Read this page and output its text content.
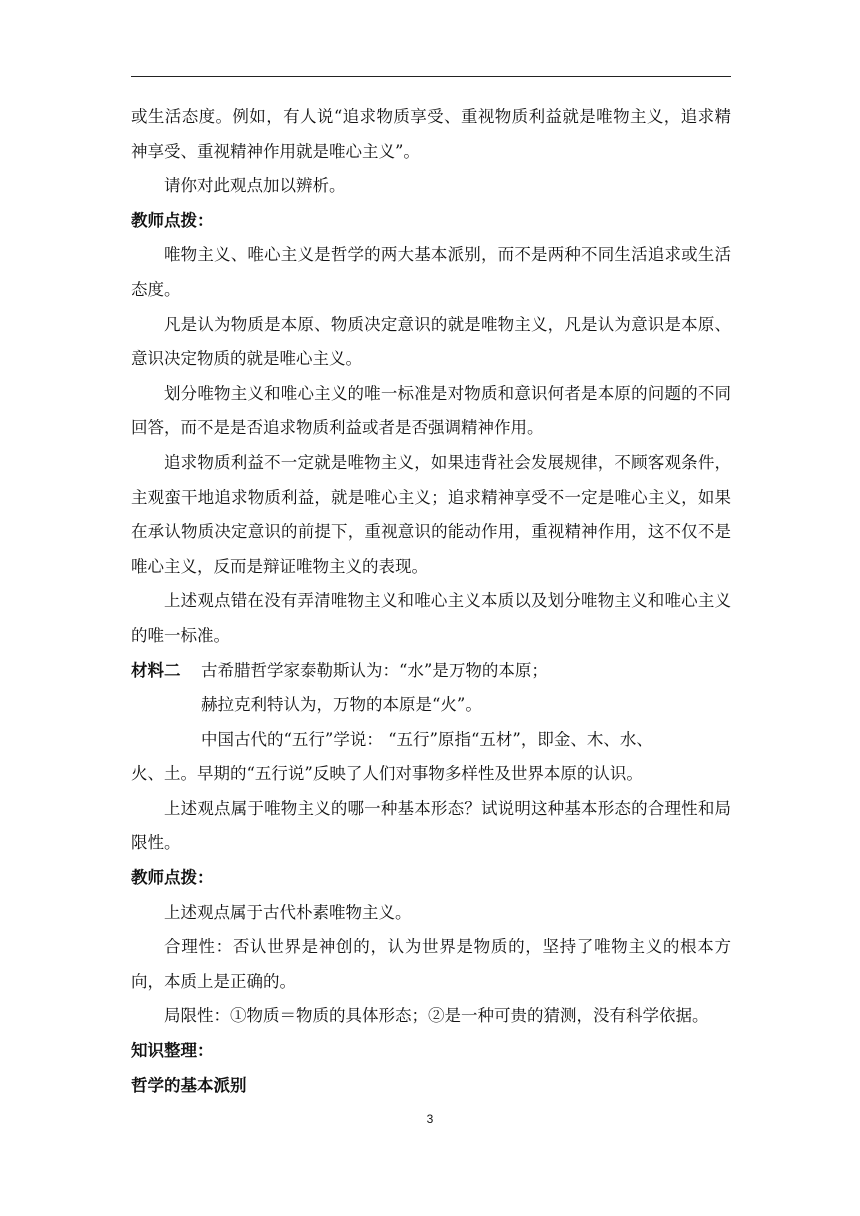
或生活态度。例如，有人说“追求物质享受、重视物质利益就是唯物主义，追求精神享受、重视精神作用就是唯心主义”。
请你对此观点加以辨析。
教师点拨：
唯物主义、唯心主义是哲学的两大基本派别，而不是两种不同生活追求或生活态度。
凡是认为物质是本原、物质决定意识的就是唯物主义，凡是认为意识是本原、意识决定物质的就是唯心主义。
划分唯物主义和唯心主义的唯一标准是对物质和意识何者是本原的问题的不同回答，而不是是否追求物质利益或者是否强调精神作用。
追求物质利益不一定就是唯物主义，如果违背社会发展规律，不顾客观条件，主观蛮干地追求物质利益，就是唯心主义；追求精神享受不一定是唯心主义，如果在承认物质决定意识的前提下，重视意识的能动作用，重视精神作用，这不仅不是唯心主义，反而是辩证唯物主义的表现。
上述观点错在没有弄清唯物主义和唯心主义本质以及划分唯物主义和唯心主义的唯一标准。
材料二	古希腊哲学家泰勒斯认为：“水”是万物的本原；
赫拉克利特认为，万物的本原是“火”。
中国古代的“五行”学说： “五行”原指“五材”，即金、木、水、
火、土。早期的“五行说”反映了人们对事物多样性及世界本原的认识。
上述观点属于唯物主义的哪一种基本形态？试说明这种基本形态的合理性和局限性。
教师点拨：
上述观点属于古代朴素唯物主义。
合理性：否认世界是神创的，认为世界是物质的，坚持了唯物主义的根本方向，本质上是正确的。
局限性：①物质＝物质的具体形态；②是一种可贵的猜测，没有科学依据。
知识整理：
哲学的基本派别
3
